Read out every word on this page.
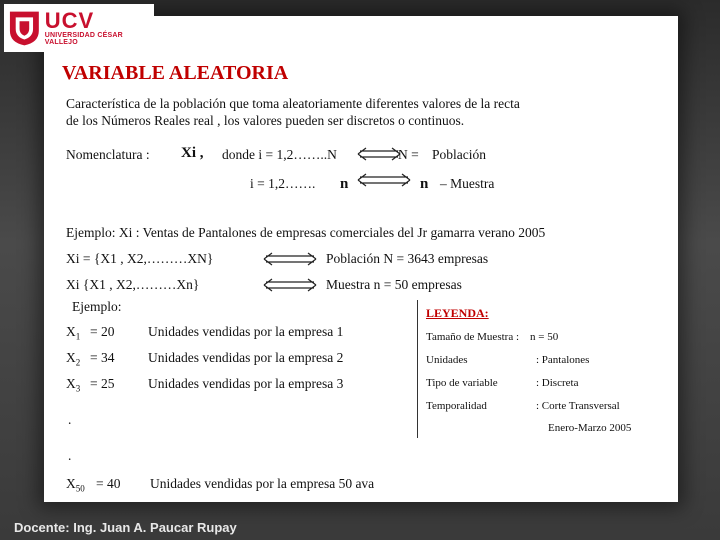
UCV
UNIVERSIDAD CÉSAR VALLEJO
VARIABLE ALEATORIA
Característica de la población que toma aleatoriamente diferentes valores de la recta
de los Números Reales real , los valores pueden ser discretos o continuos.
Nomenclatura : Xi , donde i = 1,2……..N	N = Población
i = 1,2……. n	n – Muestra
Ejemplo: Xi : Ventas de Pantalones de empresas comerciales del Jr gamarra verano 2005
Xi = {X1 , X2,………XN}	Población N = 3643 empresas
Xi {X1 , X2,………Xn}	Muestra n = 50 empresas
Ejemplo:
$X_1 = 20$ Unidades vendidas por la empresa 1
$X_2 = 34$ Unidades vendidas por la empresa 2
$X_3 = 25$ Unidades vendidas por la empresa 3
.
.
$X_{50} = 40$ Unidades vendidas por la empresa 50 ava
LEYENDA:
Tamaño de Muestra : n = 50
Unidades	: Pantalones
Tipo de variable	: Discreta
Temporalidad	: Corte Transversal
Enero-Marzo 2005
Docente: Ing. Juan A. Paucar Rupay
